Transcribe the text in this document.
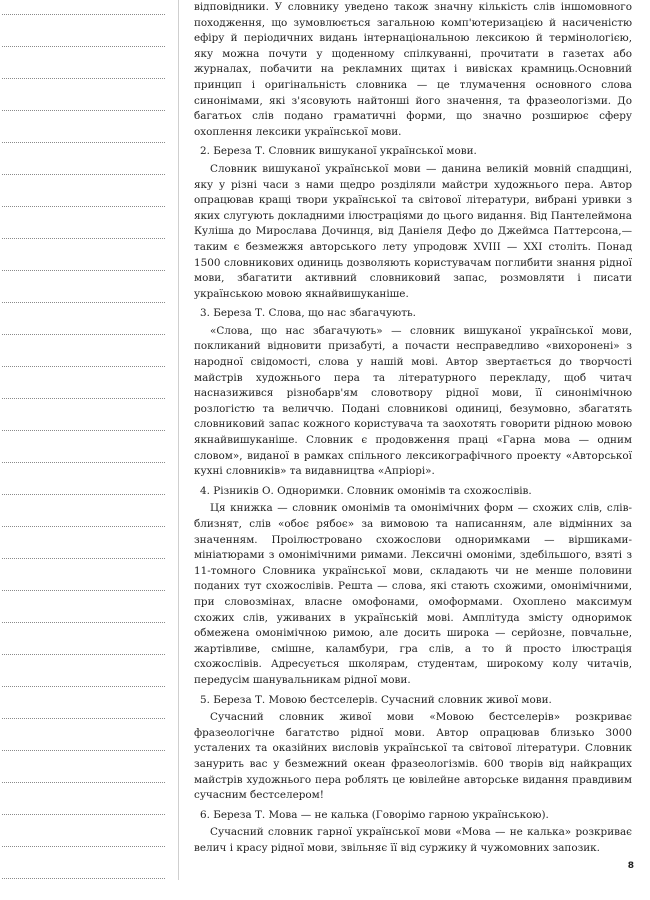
відповідники. У словнику уведено також значну кількість слів іншомовного походження, що зумовлюється загальною комп'ютеризацією й насиченістю ефіру й періодичних видань інтернаціональною лексикою й термінологією, яку можна почути у щоденному спілкуванні, прочитати в газетах або журналах, побачити на рекламних щитах і вивісках крамниць.Основний принцип і оригінальність словника — це тлумачення основного слова синонімами, які з'ясовують найтонші його значення, та фразеологізми. До багатьох слів подано граматичні форми, що значно розширює сферу охоплення лексики української мови.

2. Береза Т. Словник вишуканої української мови.

Словник вишуканої української мови — данина великій мовній спадщині, яку у різні часи з нами щедро розділяли майстри художнього пера. Автор опрацював кращі твори української та світової літератури, вибрані уривки з яких слугують докладними ілюстраціями до цього видання. Від Пантелеймона Куліша до Мирослава Дочинця, від Даніеля Дефо до Джеймса Паттерсона,— таким є безмежжя авторського лету упродовж XVIII — XXI століть. Понад 1500 словникових одиниць дозволяють користувачам поглибити знання рідної мови, збагатити активний словниковий запас, розмовляти і писати українською мовою якнайвишуканіше.

3. Береза Т. Слова, що нас збагачують.

«Слова, що нас збагачують» — словник вишуканої української мови, покликаний відновити призабуті, а почасти несправедливо «вихоронені» з народної свідомості, слова у нашій мові. Автор звертається до творчості майстрів художнього пера та літературного перекладу, щоб читач насназижився різнобарв'ям словотвору рідної мови, її синонімічною розлогістю та величчю. Подані словникові одиниці, безумовно, збагатять словниковий запас кожного користувача та заохотять говорити рідною мовою якнайвишуканіше. Словник є продовження праці «Гарна мова — одним словом», виданої в рамках спільного лексикографічного проекту «Авторської кухні словників» та видавництва «Апріорі».

4. Різників О. Одноримки. Словник омонімів та схожослівів.

Ця книжка — словник омонімів та омонімічних форм — схожих слів, слів-близнят, слів «обоє рябоє» за вимовою та написанням, але відмінних за значенням. Проілюстровано схожослови одноримками — віршиками-мініатюрами з омонімічними римами. Лексичні омоніми, здебільшого, взяті з 11-томного Словника української мови, складають чи не менше половини поданих тут схожослівів. Решта — слова, які стають схожими, омонімічними, при словозмінах, власне омофонами, омоформами. Охоплено максимум схожих слів, уживаних в українській мові. Амплітуда змісту одноримок обмежена омонімічною римою, але досить широка — серйозне, повчальне, жартівливе, смішне, каламбури, гра слів, а то й просто ілюстрація схожослівів. Адресується школярам, студентам, широкому колу читачів, передусім шанувальникам рідної мови.

5. Береза Т. Мовою бестселерів. Сучасний словник живої мови.

Сучасний словник живої мови «Мовою бестселерів» розкриває фразеологічне багатство рідної мови. Автор опрацював близько 3000 усталених та оказійних висловів української та світової літератури. Словник занурить вас у безмежний океан фразеологізмів. 600 творів від найкращих майстрів художнього пера роблять це ювілейне авторське видання правдивим сучасним бестселером!

6. Береза Т. Мова — не калька (Говорімо гарною українською).

Сучасний словник гарної української мови «Мова — не калька» розкриває велич і красу рідної мови, звільняє її від суржику й чужомовних запозик.

8
